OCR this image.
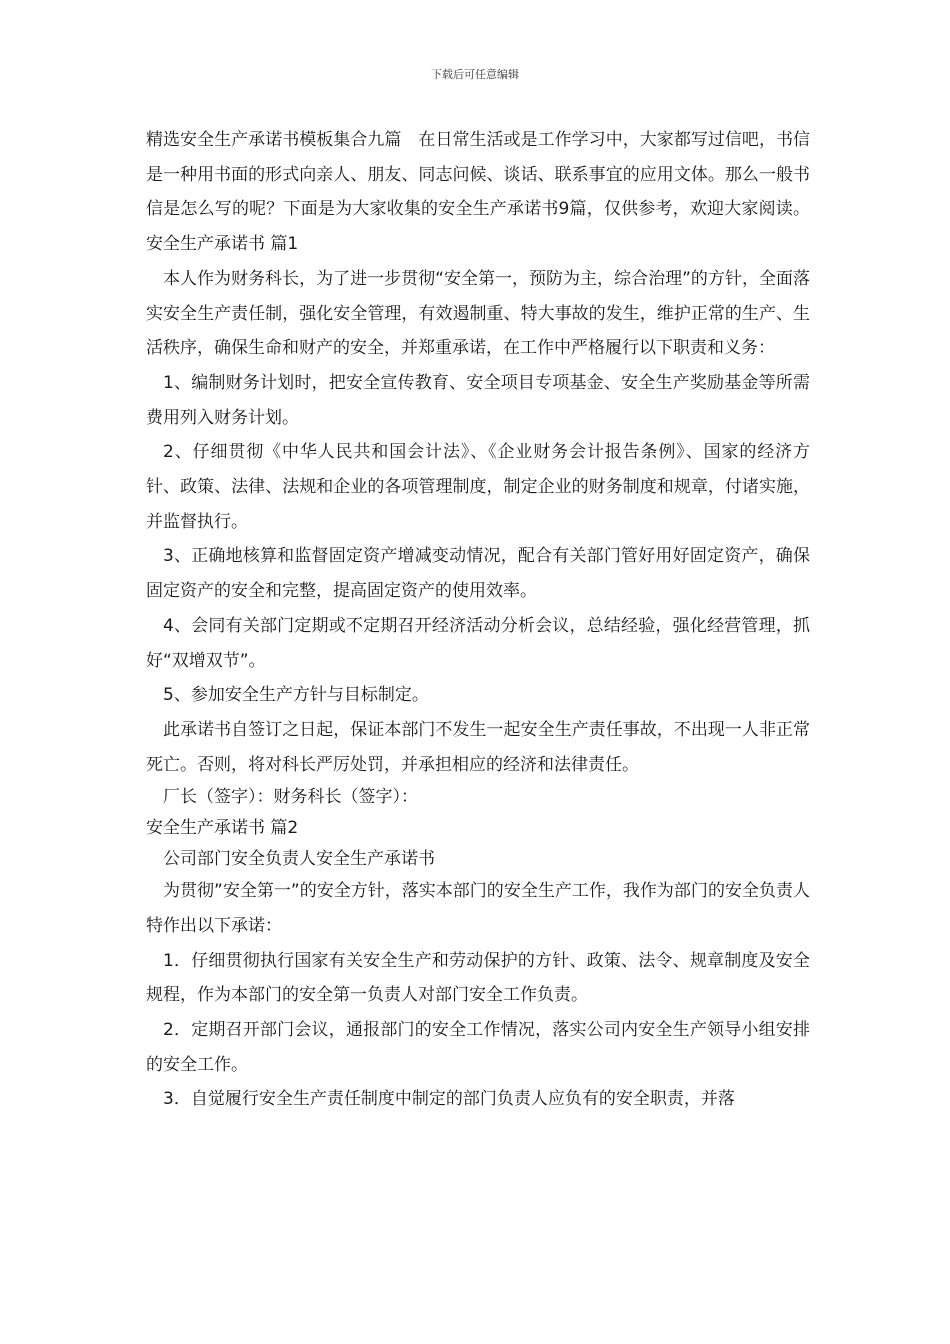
下载后可任意编辑

精选安全生产承诺书模板集合九篇　在日常生活或是工作学习中，大家都写过信吧，书信是一种用书面的形式向亲人、朋友、同志问候、谈话、联系事宜的应用文体。那么一般书信是怎么写的呢？下面是为大家收集的安全生产承诺书9篇，仅供参考，欢迎大家阅读。安全生产承诺书 篇1

本人作为财务科长，为了进一步贯彻“安全第一，预防为主，综合治理”的方针，全面落实安全生产责任制，强化安全管理，有效遏制重、特大事故的发生，维护正常的生产、生活秩序，确保生命和财产的安全，并郑重承诺，在工作中严格履行以下职责和义务：

1、编制财务计划时，把安全宣传教育、安全项目专项基金、安全生产奖励基金等所需费用列入财务计划。

2、仔细贯彻《中华人民共和国会计法》、《企业财务会计报告条例》、国家的经济方针、政策、法律、法规和企业的各项管理制度，制定企业的财务制度和规章，付诸实施，并监督执行。

3、正确地核算和监督固定资产增减变动情况，配合有关部门管好用好固定资产，确保固定资产的安全和完整，提高固定资产的使用效率。

4、会同有关部门定期或不定期召开经济活动分析会议，总结经验，强化经营管理，抓好“双增双节”。

5、参加安全生产方针与目标制定。

此承诺书自签订之日起，保证本部门不发生一起安全生产责任事故，不出现一人非正常死亡。否则，将对科长严厉处罚，并承担相应的经济和法律责任。

厂长（签字）：财务科长（签字）：

安全生产承诺书 篇2

公司部门安全负责人安全生产承诺书

为贯彻”安全第一”的安全方针，落实本部门的安全生产工作，我作为部门的安全负责人特作出以下承诺：

1．仔细贯彻执行国家有关安全生产和劳动保护的方针、政策、法令、规章制度及安全规程，作为本部门的安全第一负责人对部门安全工作负责。

2．定期召开部门会议，通报部门的安全工作情况，落实公司内安全生产领导小组安排的安全工作。

3．自觉履行安全生产责任制度中制定的部门负责人应负有的安全职责，并落
